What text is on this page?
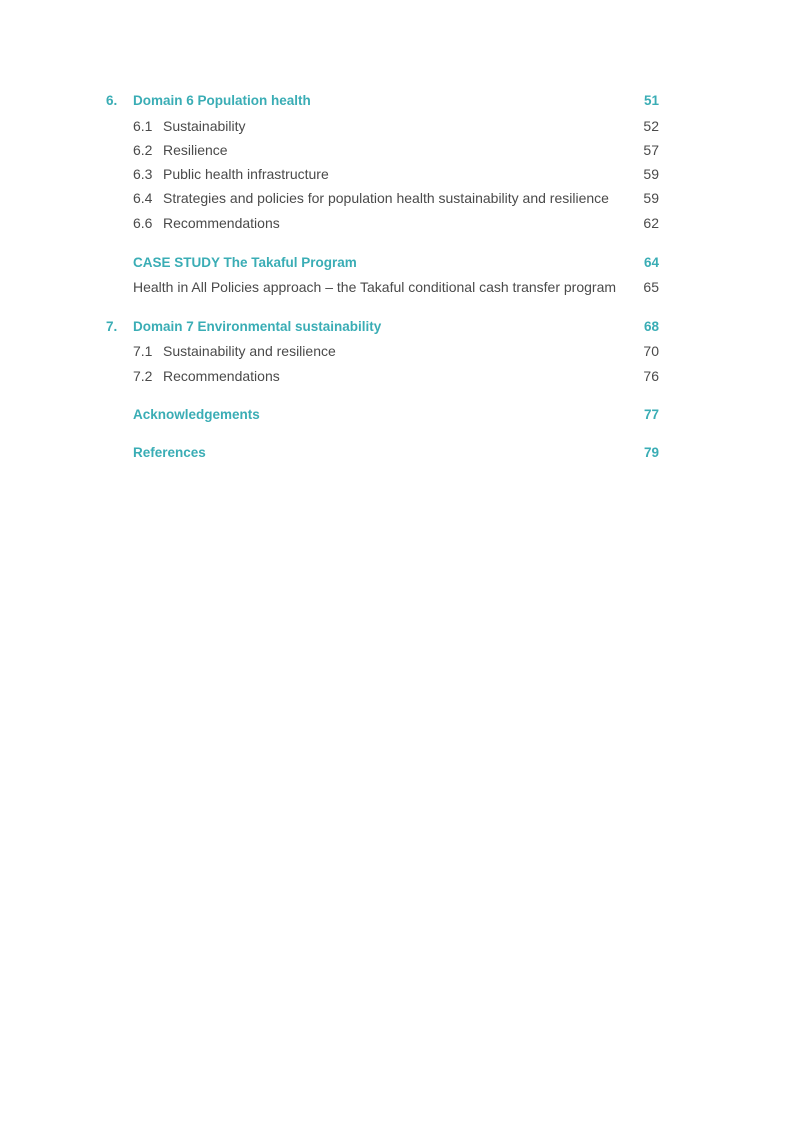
6. Domain 6 Population health	51
6.1 Sustainability	52
6.2 Resilience	57
6.3 Public health infrastructure	59
6.4 Strategies and policies for population health sustainability and resilience 59
6.6 Recommendations	62
CASE STUDY The Takaful Program	64
Health in All Policies approach – the Takaful conditional cash transfer program 65
7. Domain 7 Environmental sustainability	68
7.1 Sustainability and resilience	70
7.2 Recommendations	76
Acknowledgements	77
References	79
